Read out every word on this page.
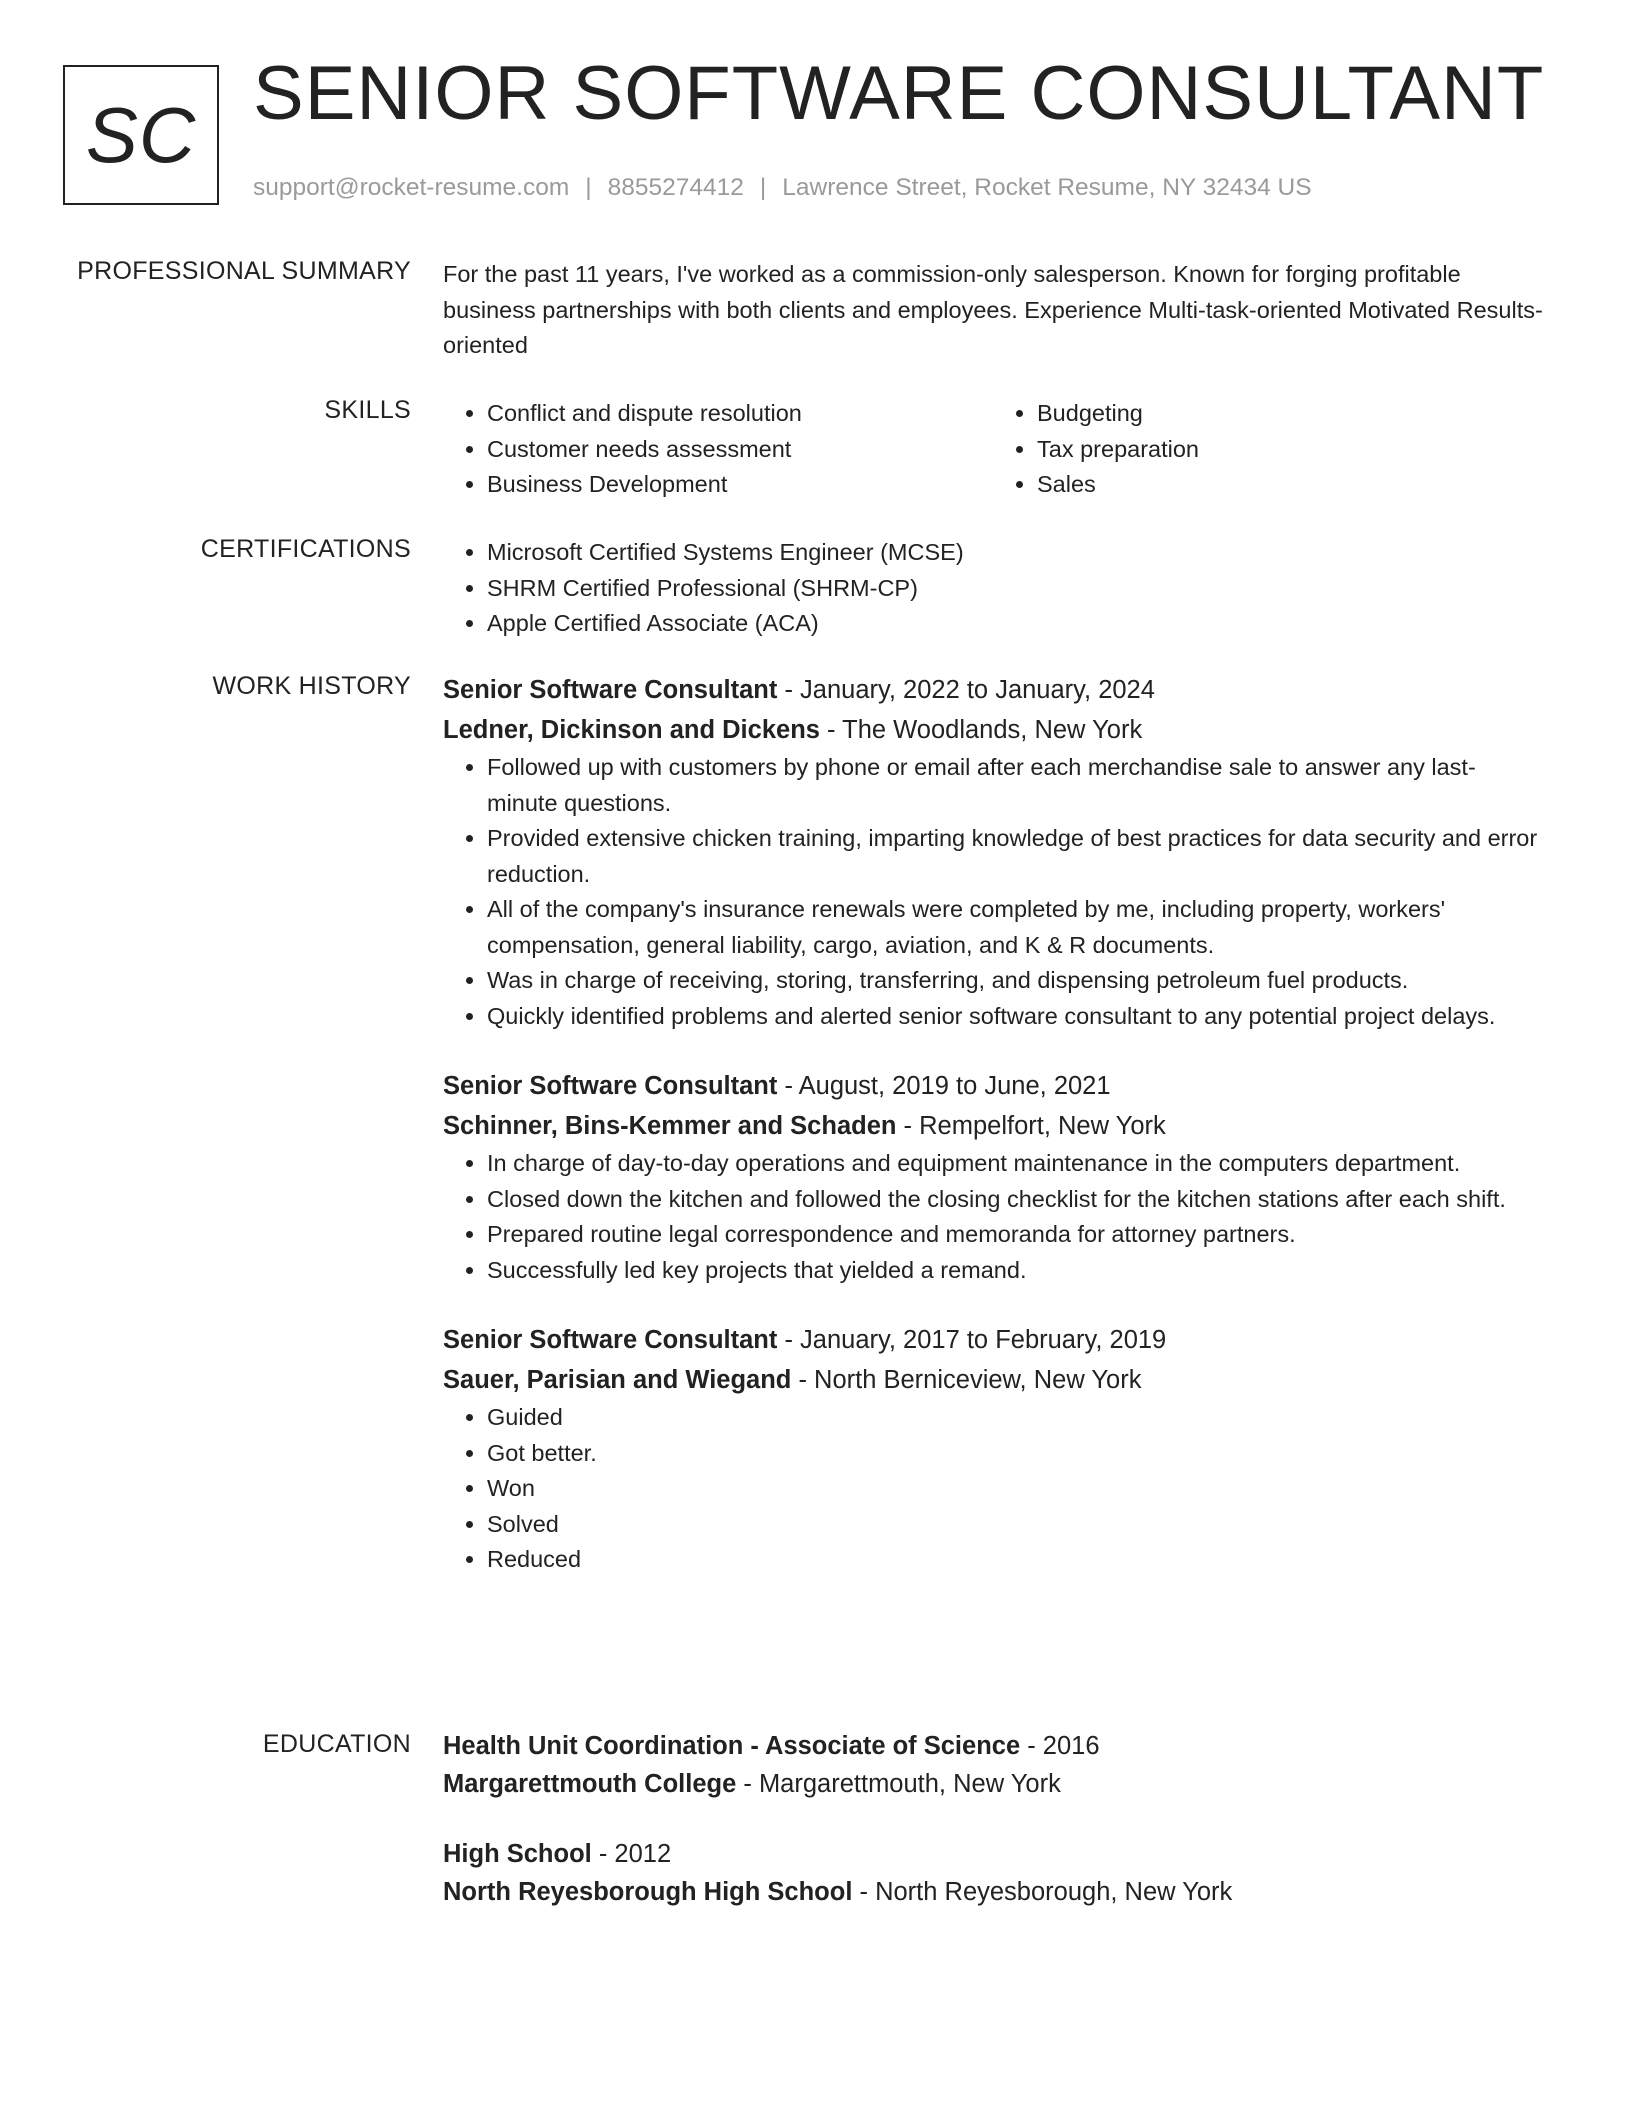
SC SENIOR SOFTWARE CONSULTANT
support@rocket-resume.com | 8855274412 | Lawrence Street, Rocket Resume, NY 32434 US
PROFESSIONAL SUMMARY For the past 11 years, I've worked as a commission-only salesperson. Known for forging profitable business partnerships with both clients and employees. Experience Multi-task-oriented Motivated Results-oriented

SKILLS	• Conflict and dispute resolution
• Customer needs assessment
• Business Development
• Budgeting
• Tax preparation
• Sales
CERTIFICATIONS	• Microsoft Certified Systems Engineer (MCSE)
• SHRM Certified Professional (SHRM-CP)
• Apple Certified Associate (ACA)
WORK HISTORY Senior Software Consultant - January, 2022 to January, 2024
Ledner, Dickinson and Dickens - The Woodlands, New York
• Followed up with customers by phone or email after each merchandise sale to answer any last-minute questions.
• Provided extensive chicken training, imparting knowledge of best practices for data security and error reduction.
• All of the company's insurance renewals were completed by me, including property, workers' compensation, general liability, cargo, aviation, and K & R documents.
• Was in charge of receiving, storing, transferring, and dispensing petroleum fuel products.
• Quickly identified problems and alerted senior software consultant to any potential project delays.
Senior Software Consultant - August, 2019 to June, 2021
Schinner, Bins-Kemmer and Schaden - Rempelfort, New York
• In charge of day-to-day operations and equipment maintenance in the computers department.
• Closed down the kitchen and followed the closing checklist for the kitchen stations after each shift.
• Prepared routine legal correspondence and memoranda for attorney partners.
• Successfully led key projects that yielded a remand.
Senior Software Consultant - January, 2017 to February, 2019
Sauer, Parisian and Wiegand - North Berniceview, New York
• Guided
• Got better.
• Won
• Solved
• Reduced
EDUCATION Health Unit Coordination - Associate of Science - 2016
Margarettmouth College - Margarettmouth, New York
High School - 2012
North Reyesborough High School - North Reyesborough, New York
